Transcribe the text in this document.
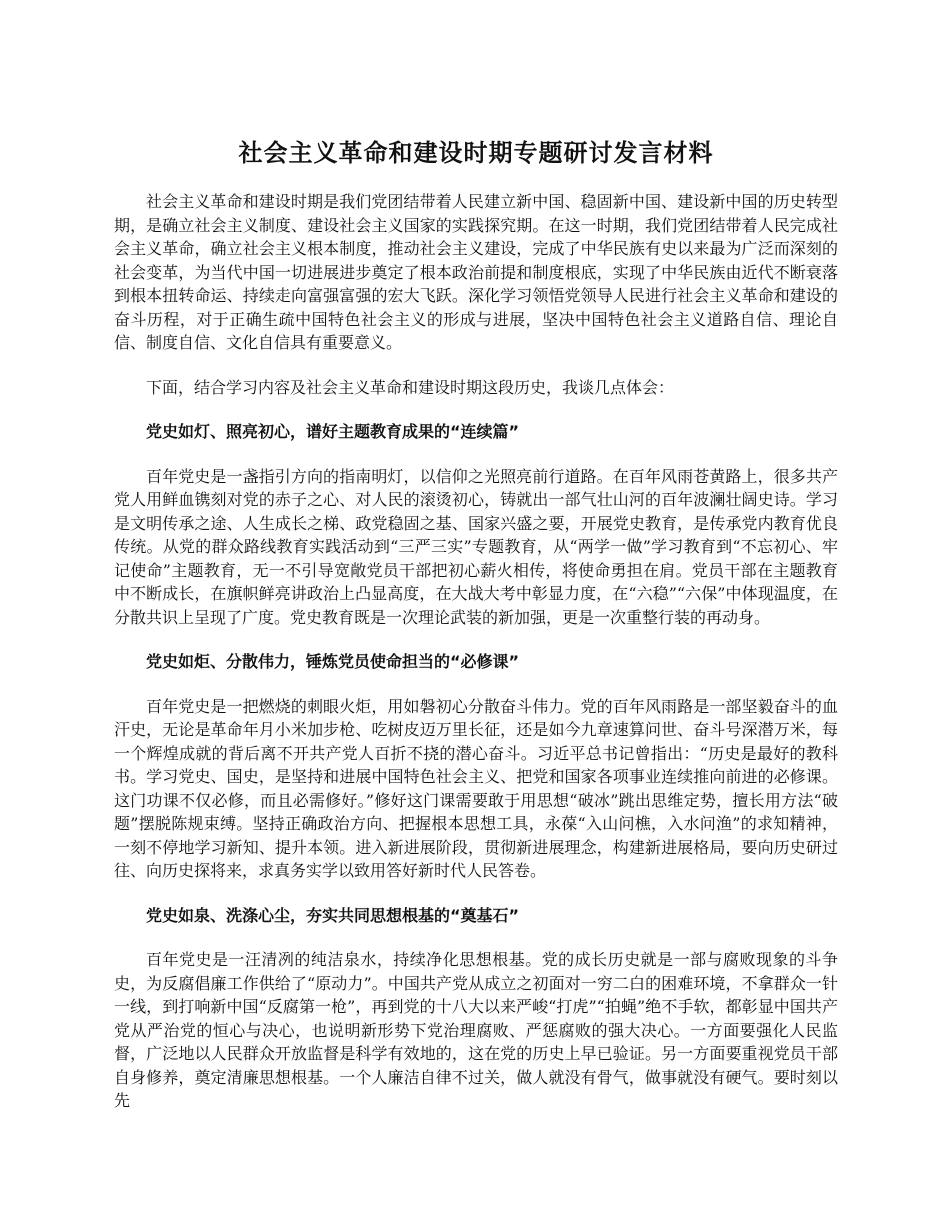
社会主义革命和建设时期专题研讨发言材料

社会主义革命和建设时期是我们党团结带着人民建立新中国、稳固新中国、建设新中国的历史转型期，是确立社会主义制度、建设社会主义国家的实践探究期。在这一时期，我们党团结带着人民完成社会主义革命，确立社会主义根本制度，推动社会主义建设，完成了中华民族有史以来最为广泛而深刻的社会变革，为当代中国一切进展进步奠定了根本政治前提和制度根底，实现了中华民族由近代不断衰落到根本扭转命运、持续走向富强富强的宏大飞跃。深化学习领悟党领导人民进行社会主义革命和建设的奋斗历程，对于正确生疏中国特色社会主义的形成与进展，坚决中国特色社会主义道路自信、理论自信、制度自信、文化自信具有重要意义。

下面，结合学习内容及社会主义革命和建设时期这段历史，我谈几点体会：

党史如灯、照亮初心，谱好主题教育成果的“连续篇”

百年党史是一盏指引方向的指南明灯，以信仰之光照亮前行道路。在百年风雨苍黄路上，很多共产党人用鲜血镌刻对党的赤子之心、对人民的滚烫初心，铸就出一部气壮山河的百年波澜壮阔史诗。学习是文明传承之途、人生成长之梯、政党稳固之基、国家兴盛之要，开展党史教育，是传承党内教育优良传统。从党的群众路线教育实践活动到“三严三实”专题教育，从“两学一做”学习教育到“不忘初心、牢记使命”主题教育，无一不引导宽敞党员干部把初心薪火相传，将使命勇担在肩。党员干部在主题教育中不断成长，在旗帜鲜亮讲政治上凸显高度，在大战大考中彰显力度，在“六稳”“六保”中体现温度，在分散共识上呈现了广度。党史教育既是一次理论武装的新加强，更是一次重整行装的再动身。

党史如炬、分散伟力，锤炼党员使命担当的“必修课”

百年党史是一把燃烧的刺眼火炬，用如磐初心分散奋斗伟力。党的百年风雨路是一部坚毅奋斗的血汗史，无论是革命年月小米加步枪、吃树皮迈万里长征，还是如今九章速算问世、奋斗号深潜万米，每一个辉煌成就的背后离不开共产党人百折不挠的潜心奋斗。习近平总书记曾指出：“历史是最好的教科书。学习党史、国史，是坚持和进展中国特色社会主义、把党和国家各项事业连续推向前进的必修课。这门功课不仅必修，而且必需修好。”修好这门课需要敢于用思想“破冰”跳出思维定势，擅长用方法“破题”摆脱陈规束缚。坚持正确政治方向、把握根本思想工具，永葆“入山问樵，入水问渔”的求知精神，一刻不停地学习新知、提升本领。进入新进展阶段，贯彻新进展理念，构建新进展格局，要向历史研过往、向历史探将来，求真务实学以致用答好新时代人民答卷。

党史如泉、洗涤心尘，夯实共同思想根基的“奠基石”

百年党史是一汪清冽的纯洁泉水，持续净化思想根基。党的成长历史就是一部与腐败现象的斗争史，为反腐倡廉工作供给了“原动力”。中国共产党从成立之初面对一穷二白的困难环境，不拿群众一针一线，到打响新中国“反腐第一枪”，再到党的十八大以来严峻“打虎”“拍蝇”绝不手软，都彰显中国共产党从严治党的恒心与决心，也说明新形势下党治理腐败、严惩腐败的强大决心。一方面要强化人民监督，广泛地以人民群众开放监督是科学有效地的，这在党的历史上早已验证。另一方面要重视党员干部自身修养，奠定清廉思想根基。一个人廉洁自律不过关，做人就没有骨气，做事就没有硬气。要时刻以先
